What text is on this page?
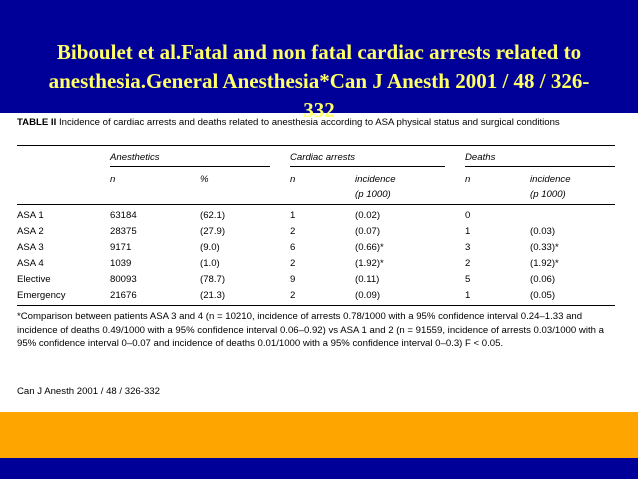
TABLE II Incidence of cardiac arrests and deaths related to anesthesia according to ASA physical status and surgical conditions

Anesthetics	Cardiac arrests	Deaths
n	%	n	incidence
(p 1000)
n	incidence
(p 1000)
ASA 1	63184	(62.1)	1	(0.02)	0
ASA 2	28375	(27.9)	2	(0.07)	1	(0.03)
ASA 3	9171	(9.0)	6	(0.66)*	3	(0.33)*
ASA 4	1039	(1.0)	2	(1.92)*	2	(1.92)*
Elective	80093	(78.7)	9	(0.11)	5	(0.06)
Emergency	21676	(21.3)	2	(0.09)	1	(0.05)

*Comparison between patients ASA 3 and 4 (n = 10210, incidence of arrests 0.78/1000 with a 95% confidence interval 0.24–1.33 and incidence of deaths 0.49/1000 with a 95% confidence interval 0.06–0.92) vs ASA 1 and 2 (n = 91559, incidence of arrests 0.03/1000 with a 95% confidence interval 0–0.07 and incidence of deaths 0.01/1000 with a 95% confidence interval 0–0.3) F < 0.05.

Can J Anesth 2001 / 48 / 326-332

Biboulet et al.Fatal and non fatal cardiac arrests related to anesthesia.General Anesthesia*Can J Anesth 2001 / 48 / 326-332
